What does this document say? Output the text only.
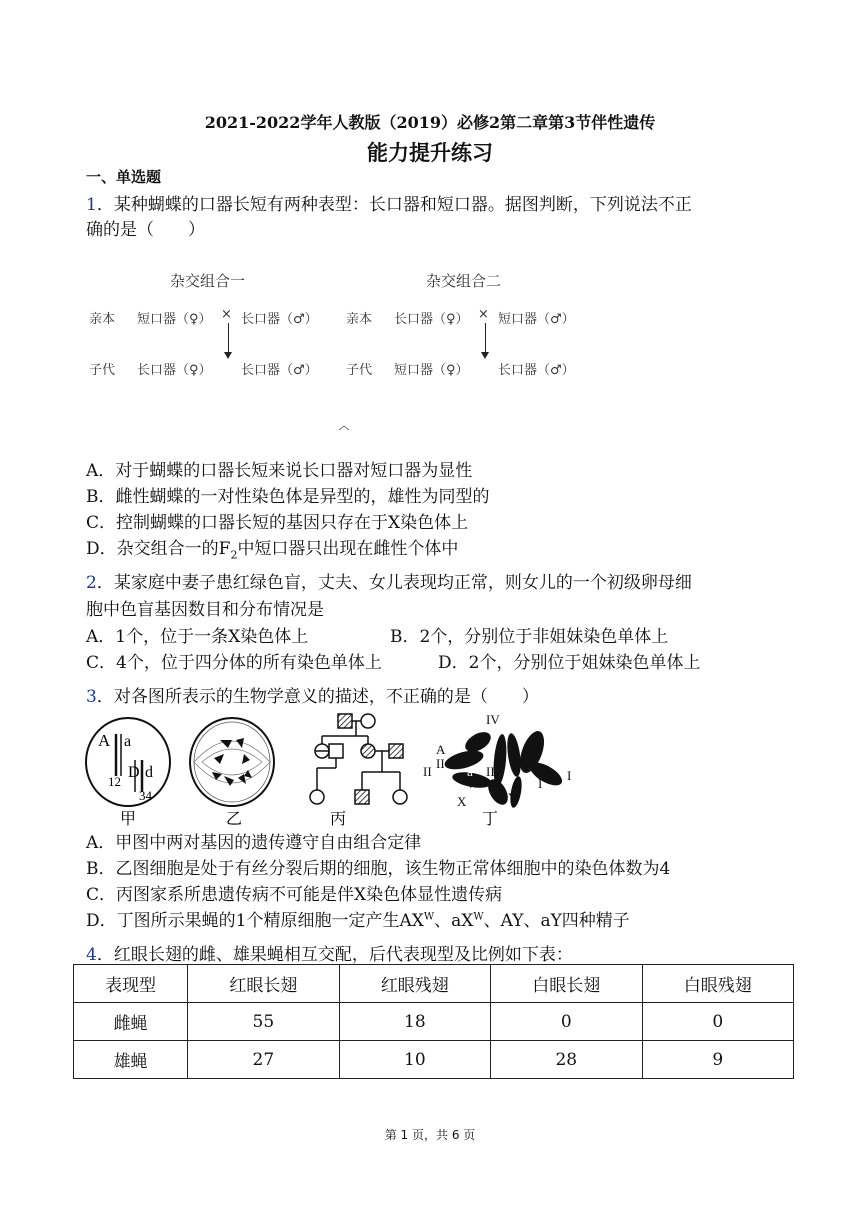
2021-2022学年人教版（2019）必修2第二章第3节伴性遗传
能力提升练习
一、单选题
1．某种蝴蝶的口器长短有两种表型：长口器和短口器。据图判断，下列说法不正
确的是（　　）
杂交组合一	杂交组合二
亲本 短口器（♀） × 长口器（♂）
子代 长口器（♀） 长口器（♂）
亲本 长口器（♀） × 短口器（♂）
子代 短口器（♀） 长口器（♂）
A．对于蝴蝶的口器长短来说长口器对短口器为显性
B．雌性蝴蝶的一对性染色体是异型的，雄性为同型的
C．控制蝴蝶的口器长短的基因只存在于X染色体上
D．杂交组合一的$F_2$中短口器只出现在雌性个体中
2．某家庭中妻子患红绿色盲，丈夫、女儿表现均正常，则女儿的一个初级卵母细
胞中色盲基因数目和分布情况是
A．1个，位于一条X染色体上	B．2个，分别位于非姐妹染色单体上
C．4个，位于四分体的所有染色单体上	D．2个，分别位于姐妹染色单体上
3．对各图所表示的生物学意义的描述，不正确的是（　　）
A a
D d
12
34
甲	乙	丙
IV
A
II
II	a
W
III	I
I
X	Y
丁
A．甲图中两对基因的遗传遵守自由组合定律
B．乙图细胞是处于有丝分裂后期的细胞，该生物正常体细胞中的染色体数为4
C．丙图家系所患遗传病不可能是伴X染色体显性遗传病
D．丁图所示果蝇的1个精原细胞一定产生$AX^W$、$aX^W$、AY、aY四种精子
4．红眼长翅的雌、雄果蝇相互交配，后代表现型及比例如下表：
表现型	红眼长翅	红眼残翅	白眼长翅	白眼残翅
雌蝇	55	18	0	0
雄蝇	27	10	28	9
第 1 页，共 6 页
